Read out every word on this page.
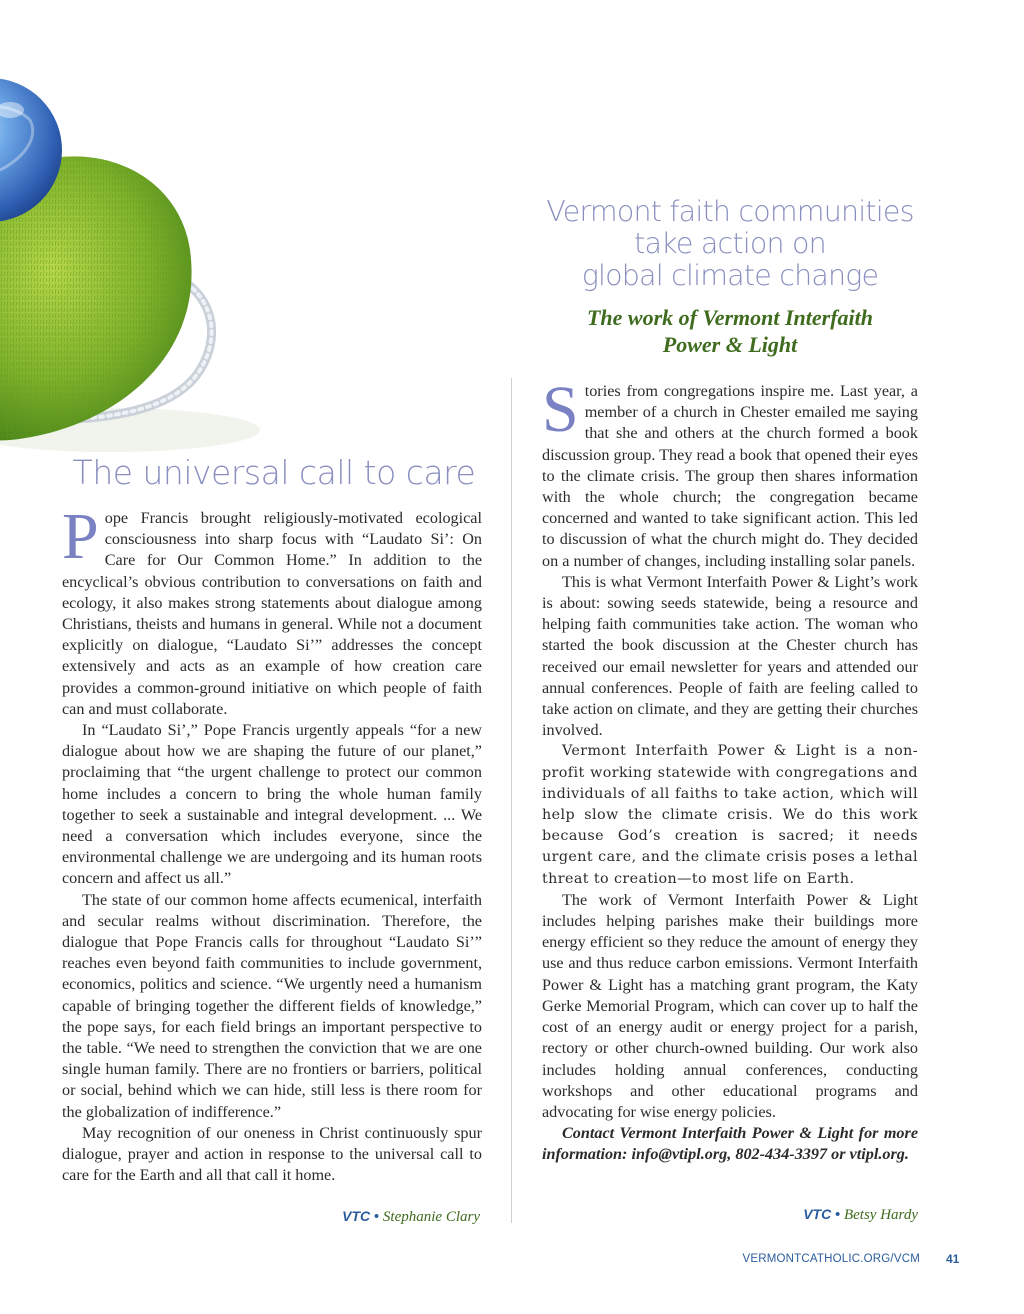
The universal call to care

Pope Francis brought religiously-motivated ecological consciousness into sharp focus with “Laudato Si’: On Care for Our Common Home.” In addition to the encyclical’s obvious contribution to conversations on faith and ecology, it also makes strong statements about dialogue among Christians, theists and humans in general. While not a document explicitly on dialogue, “Laudato Si’” addresses the concept extensively and acts as an example of how creation care provides a common-ground initiative on which people of faith can and must collaborate.

In “Laudato Si’,” Pope Francis urgently appeals “for a new dialogue about how we are shaping the future of our planet,” proclaiming that “the urgent challenge to protect our common home includes a concern to bring the whole human family together to seek a sustainable and integral development. ... We need a conversation which includes everyone, since the environmental challenge we are undergoing and its human roots concern and affect us all.”

The state of our common home affects ecumenical, interfaith and secular realms without discrimination. Therefore, the dialogue that Pope Francis calls for throughout “Laudato Si’” reaches even beyond faith communities to include government, economics, politics and science. “We urgently need a humanism capable of bringing together the different fields of knowledge,” the pope says, for each field brings an important perspective to the table. “We need to strengthen the conviction that we are one single human family. There are no frontiers or barriers, political or social, behind which we can hide, still less is there room for the globalization of indifference.”

May recognition of our oneness in Christ continuously spur dialogue, prayer and action in response to the universal call to care for the Earth and all that call it home.

VTC • Stephanie Clary
Vermont faith communities
take action on
global climate change
The work of Vermont Interfaith
Power & Light

Stories from congregations inspire me. Last year, a member of a church in Chester emailed me saying that she and others at the church formed a book discussion group. They read a book that opened their eyes to the climate crisis. The group then shares information with the whole church; the congregation became concerned and wanted to take significant action. This led to discussion of what the church might do. They decided on a number of changes, including installing solar panels.

This is what Vermont Interfaith Power & Light’s work is about: sowing seeds statewide, being a resource and helping faith communities take action. The woman who started the book discussion at the Chester church has received our email newsletter for years and attended our annual conferences. People of faith are feeling called to take action on climate, and they are getting their churches involved.

Vermont Interfaith Power & Light is a non-profit working statewide with congregations and individuals of all faiths to take action, which will help slow the climate crisis. We do this work because God’s creation is sacred; it needs urgent care, and the climate crisis poses a lethal threat to creation—to most life on Earth.

The work of Vermont Interfaith Power & Light includes helping parishes make their buildings more energy efficient so they reduce the amount of energy they use and thus reduce carbon emissions. Vermont Interfaith Power & Light has a matching grant program, the Katy Gerke Memorial Program, which can cover up to half the cost of an energy audit or energy project for a parish, rectory or other church-owned building. Our work also includes holding annual conferences, conducting workshops and other educational programs and advocating for wise energy policies.

Contact Vermont Interfaith Power & Light for more information: info@vtipl.org, 802-434-3397 or vtipl.org.

VTC • Betsy Hardy
VERMONTCATHOLIC.ORG/VCM 41
